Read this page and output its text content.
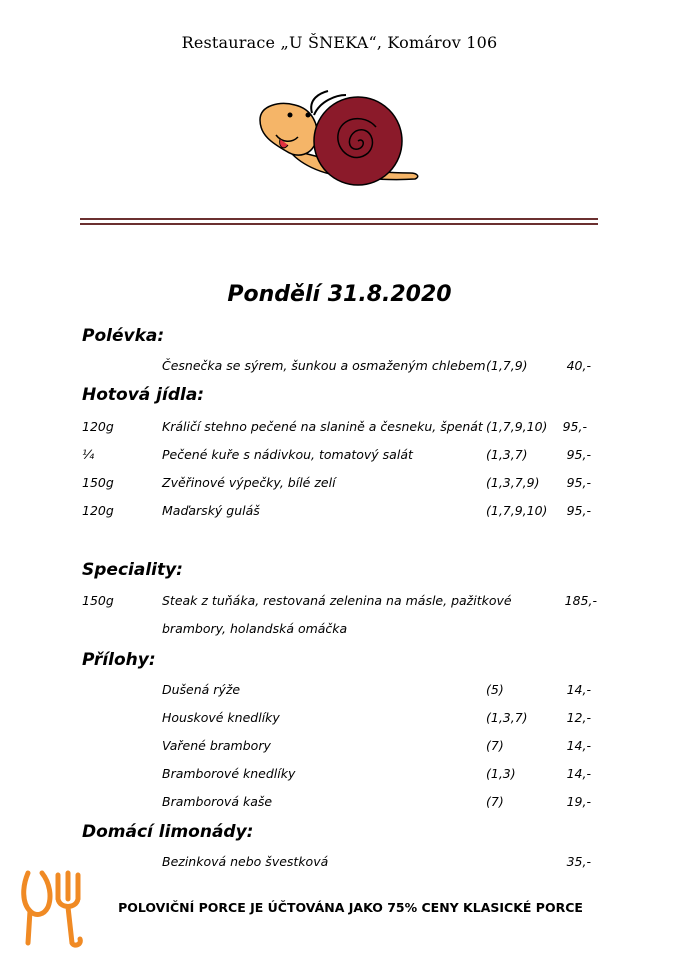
Restaurace „U ŠNEKA“, Komárov 106
Pondělí 31.8.2020
Polévka:
Česnečka se sýrem, šunkou a osmaženým chlebem (1,7,9)	40,-
Hotová jídla:
120g	Králičí stehno pečené na slanině a česneku, špenát (1,7,9,10) 95,-
¼	Pečené kuře s nádivkou, tomatový salát	(1,3,7)	95,-
150g	Zvěřinové výpečky, bílé zelí	(1,3,7,9) 95,-
120g	Maďarský guláš	(1,7,9,10) 95,-
Speciality:
150g	Steak z tuňáka, restovaná zelenina na másle, pažitkové	185,-
brambory, holandská omáčka
Přílohy:
Dušená rýže	(5)	14,-
Houskové knedlíky	(1,3,7)	12,-
Vařené brambory	(7)	14,-
Bramborové knedlíky	(1,3)	14,-
Bramborová kaše	(7)	19,-
Domácí limonády:
Bezinková nebo švestková	35,-
POLOVIČNÍ PORCE JE ÚČTOVÁNA JAKO 75% CENY KLASICKÉ PORCE
